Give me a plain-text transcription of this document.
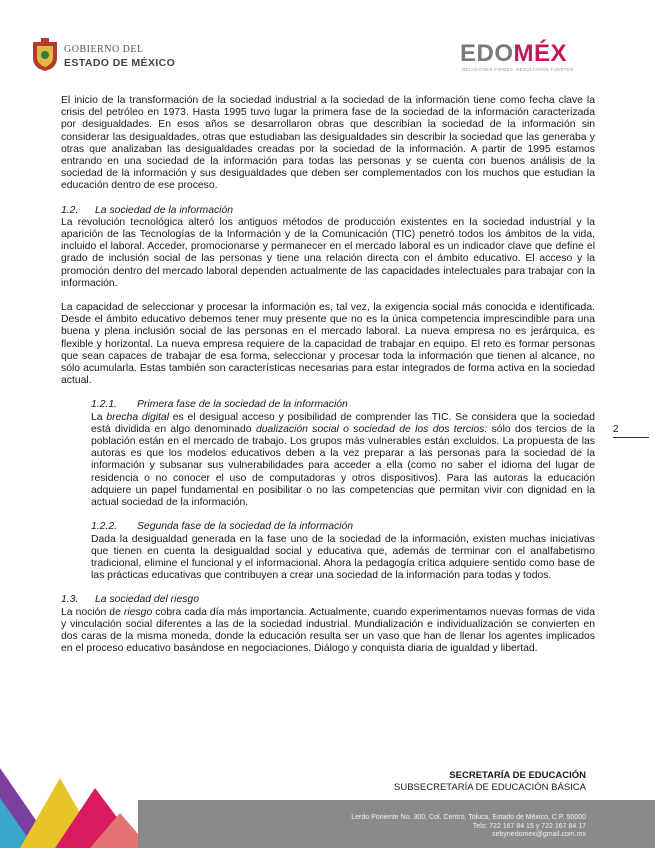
GOBIERNO DEL
ESTADO DE MÉXICO	EDOMÉX
DECISIONES FIRMES, RESULTADOS FUERTES

El inicio de la transformación de la sociedad industrial a la sociedad de la información tiene como fecha clave la crisis del petróleo en 1973. Hasta 1995 tuvo lugar la primera fase de la sociedad de la información caracterizada por desigualdades. En esos años se desarrollaron obras que describían la sociedad de la información sin considerar las desigualdades, otras que estudiaban las desigualdades sin describir la sociedad que las generaba y otras que analizaban las desigualdades creadas por la sociedad de la información. A partir de 1995 estamos entrando en una sociedad de la información para todas las personas y se cuenta con buenos análisis de la sociedad de la información y sus desigualdades que deben ser complementados con los muchos que estudian la educación dentro de ese proceso.

1.2. La sociedad de la información

La revolución tecnológica alteró los antiguos métodos de producción existentes en la sociedad industrial y la aparición de las Tecnologías de la Información y de la Comunicación (TIC) penetró todos los ámbitos de la vida, incluido el laboral. Acceder, promocionarse y permanecer en el mercado laboral es un indicador clave que define el grado de inclusión social de las personas y tiene una relación directa con el ámbito educativo. El acceso y la promoción dentro del mercado laboral dependen actualmente de las capacidades intelectuales para trabajar con la información.

La capacidad de seleccionar y procesar la información es, tal vez, la exigencia social más conocida e identificada. Desde el ámbito educativo debemos tener muy presente que no es la única competencia imprescindible para una buena y plena inclusión social de las personas en el mercado laboral. La nueva empresa no es jerárquica, es flexible y horizontal. La nueva empresa requiere de la capacidad de trabajar en equipo. El reto es formar personas que sean capaces de trabajar de esa forma, seleccionar y procesar toda la información que tienen al alcance, no sólo acumularla. Estas también son características necesarias para estar integrados de forma activa en la sociedad actual.

1.2.1. Primera fase de la sociedad de la información

La brecha digital es el desigual acceso y posibilidad de comprender las TIC. Se considera que la sociedad está dividida en algo denominado dualización social o sociedad de los dos tercios: sólo dos tercios de la población están en el mercado de trabajo. Los grupos más vulnerables están excluidos. La propuesta de las autoras es que los modelos educativos deben a la vez preparar a las personas para la sociedad de la información y subsanar sus vulnerabilidades para acceder a ella (como no saber el idioma del lugar de residencia o no conocer el uso de computadoras y otros dispositivos). Para las autoras la educación adquiere un papel fundamental en posibilitar o no las competencias que permitan vivir con dignidad en la actual sociedad de la información.

1.2.2. Segunda fase de la sociedad de la información

Dada la desigualdad generada en la fase uno de la sociedad de la información, existen muchas iniciativas que tienen en cuenta la desigualdad social y educativa que, además de terminar con el analfabetismo tradicional, elimine el funcional y el informacional. Ahora la pedagogía crítica adquiere sentido como base de las prácticas educativas que contribuyen a crear una sociedad de la información para todas y todos.

1.3. La sociedad del riesgo

La noción de riesgo cobra cada día más importancia. Actualmente, cuando experimentamos nuevas formas de vida y vinculación social diferentes a las de la sociedad industrial. Mundialización e individualización se convierten en dos caras de la misma moneda, donde la educación resulta ser un vaso que han de llenar los agentes implicados en el proceso educativo basándose en negociaciones. Diálogo y conquista diaria de igualdad y libertad.

2
SECRETARÍA DE EDUCACIÓN
SUBSECRETARÍA DE EDUCACIÓN BÁSICA
Lerdo Poniente No. 300, Col. Centro, Toluca, Estado de México, C.P. 50000
Tels: 722 167 84 15 y 722 167 84 17
sebynedomex@gmail.com.mx
